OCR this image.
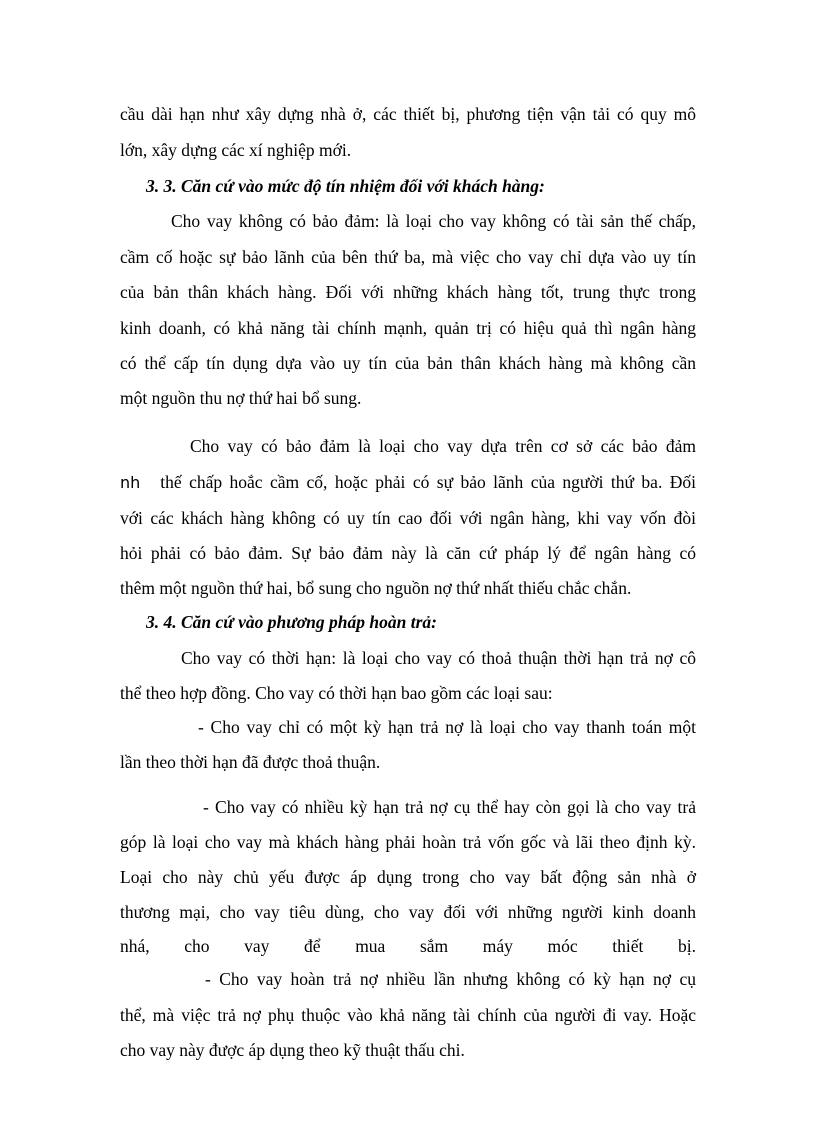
cầu dài hạn như xây dựng nhà ở, các thiết bị, phương tiện vận tải có quy mô
lớn, xây dựng các xí nghiệp mới.
3. 3. Căn cứ vào mức độ tín nhiệm đối với khách hàng:
Cho vay không có bảo đảm: là loại cho vay không có tài sản thế chấp,
cầm cố hoặc sự bảo lãnh của bên thứ ba, mà việc cho vay chỉ dựa vào uy tín
của bản thân khách hàng. Đối với những khách hàng tốt, trung thực trong
kinh doanh, có khả năng tài chính mạnh, quản trị có hiệu quả thì ngân hàng
có thể cấp tín dụng dựa vào uy tín của bản thân khách hàng mà không cần
một nguồn thu nợ thứ hai bổ sung.
Cho vay có bảo đảm là loại cho vay dựa trên cơ sở các bảo đảm
nh thế chấp hoắc cầm cố, hoặc phải có sự bảo lãnh của người thứ ba. Đối
với các khách hàng không có uy tín cao đối với ngân hàng, khi vay vốn đòi
hỏi phải có bảo đảm. Sự bảo đảm này là căn cứ pháp lý để ngân hàng có
thêm một nguồn thứ hai, bổ sung cho nguồn nợ thứ nhất thiếu chắc chắn.
3. 4. Căn cứ vào phương pháp hoàn trả:
Cho vay có thời hạn: là loại cho vay có thoả thuận thời hạn trả nợ cô
thể theo hợp đồng. Cho vay có thời hạn bao gồm các loại sau:
- Cho vay chỉ có một kỳ hạn trả nợ là loại cho vay thanh toán một
lần theo thời hạn đã được thoả thuận.
- Cho vay có nhiều kỳ hạn trả nợ cụ thể hay còn gọi là cho vay trả
góp là loại cho vay mà khách hàng phải hoàn trả vốn gốc và lãi theo định kỳ.
Loại cho này chủ yếu được áp dụng trong cho vay bất động sản nhà ở
thương mại, cho vay tiêu dùng, cho vay đối với những người kinh doanh
nhá, cho vay để mua sắm máy móc thiết bị.
- Cho vay hoàn trả nợ nhiều lần nhưng không có kỳ hạn nợ cụ
thể, mà việc trả nợ phụ thuộc vào khả năng tài chính của người đi vay. Hoặc
cho vay này được áp dụng theo kỹ thuật thấu chi.
